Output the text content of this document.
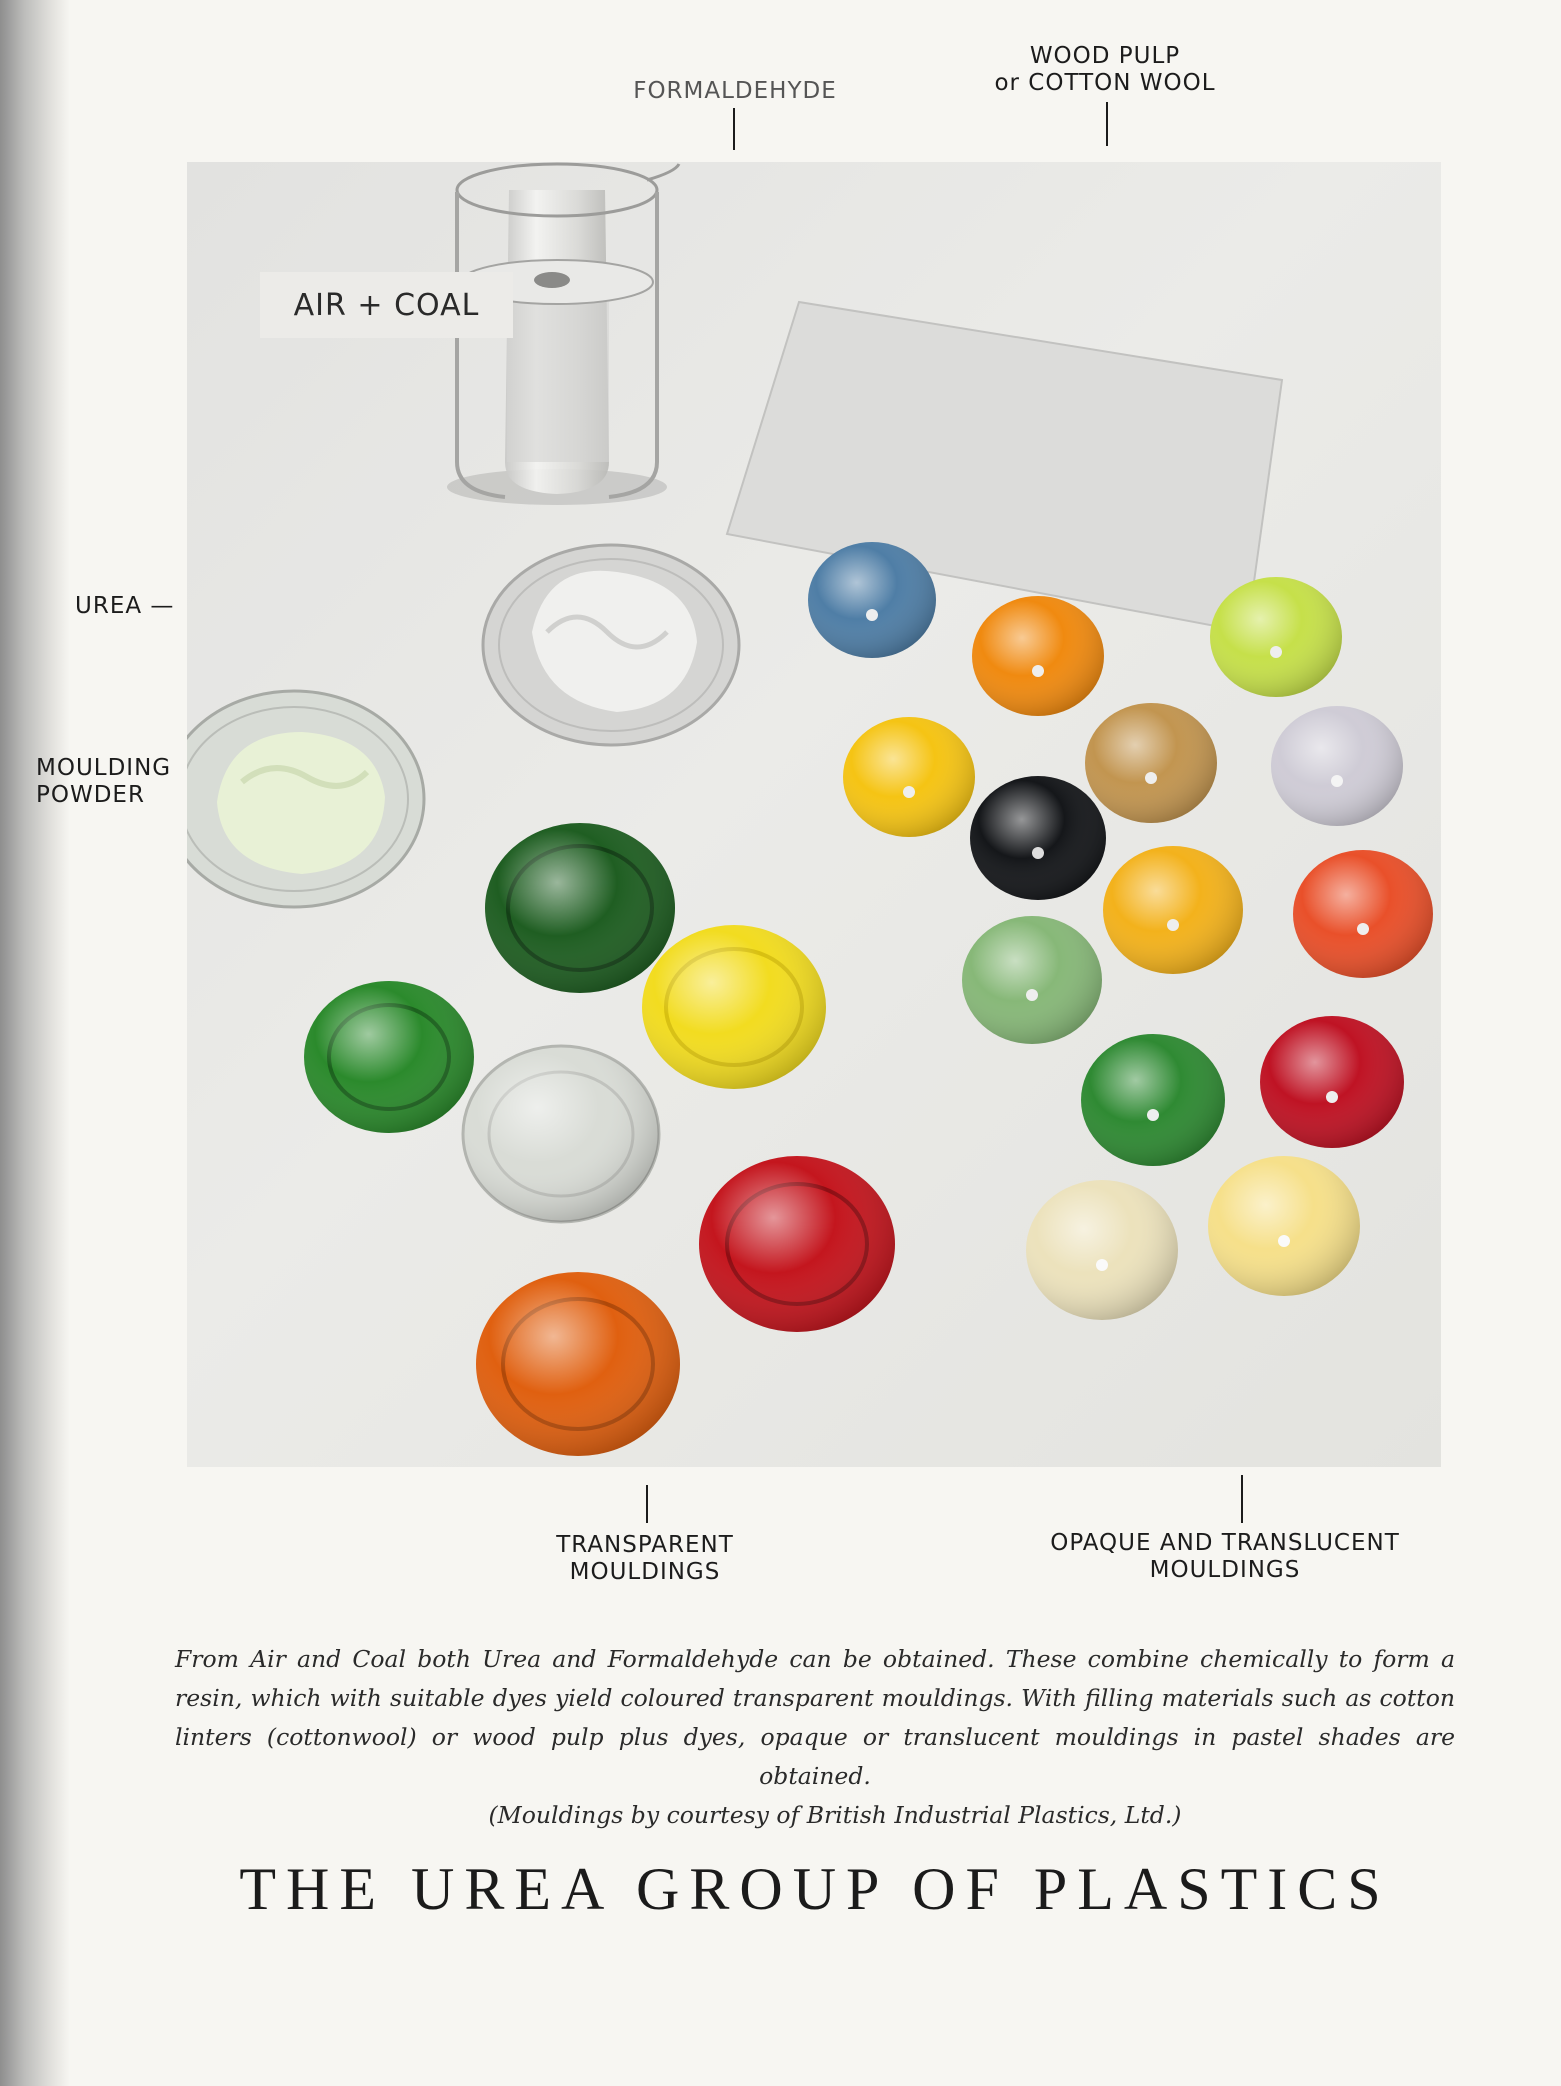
FORMALDEHYDE
WOOD PULP
or COTTON WOOL
UREA —
MOULDING
POWDER
AIR + COAL
TRANSPARENT
MOULDINGS
OPAQUE AND TRANSLUCENT
MOULDINGS

From Air and Coal both Urea and Formaldehyde can be obtained. These combine chemically to form a resin, which with suitable dyes yield coloured transparent mouldings. With filling materials such as cotton linters (cottonwool) or wood pulp plus dyes, opaque or translucent mouldings in pastel shades are obtained.

(Mouldings by courtesy of British Industrial Plastics, Ltd.)

THE UREA GROUP OF PLASTICS
